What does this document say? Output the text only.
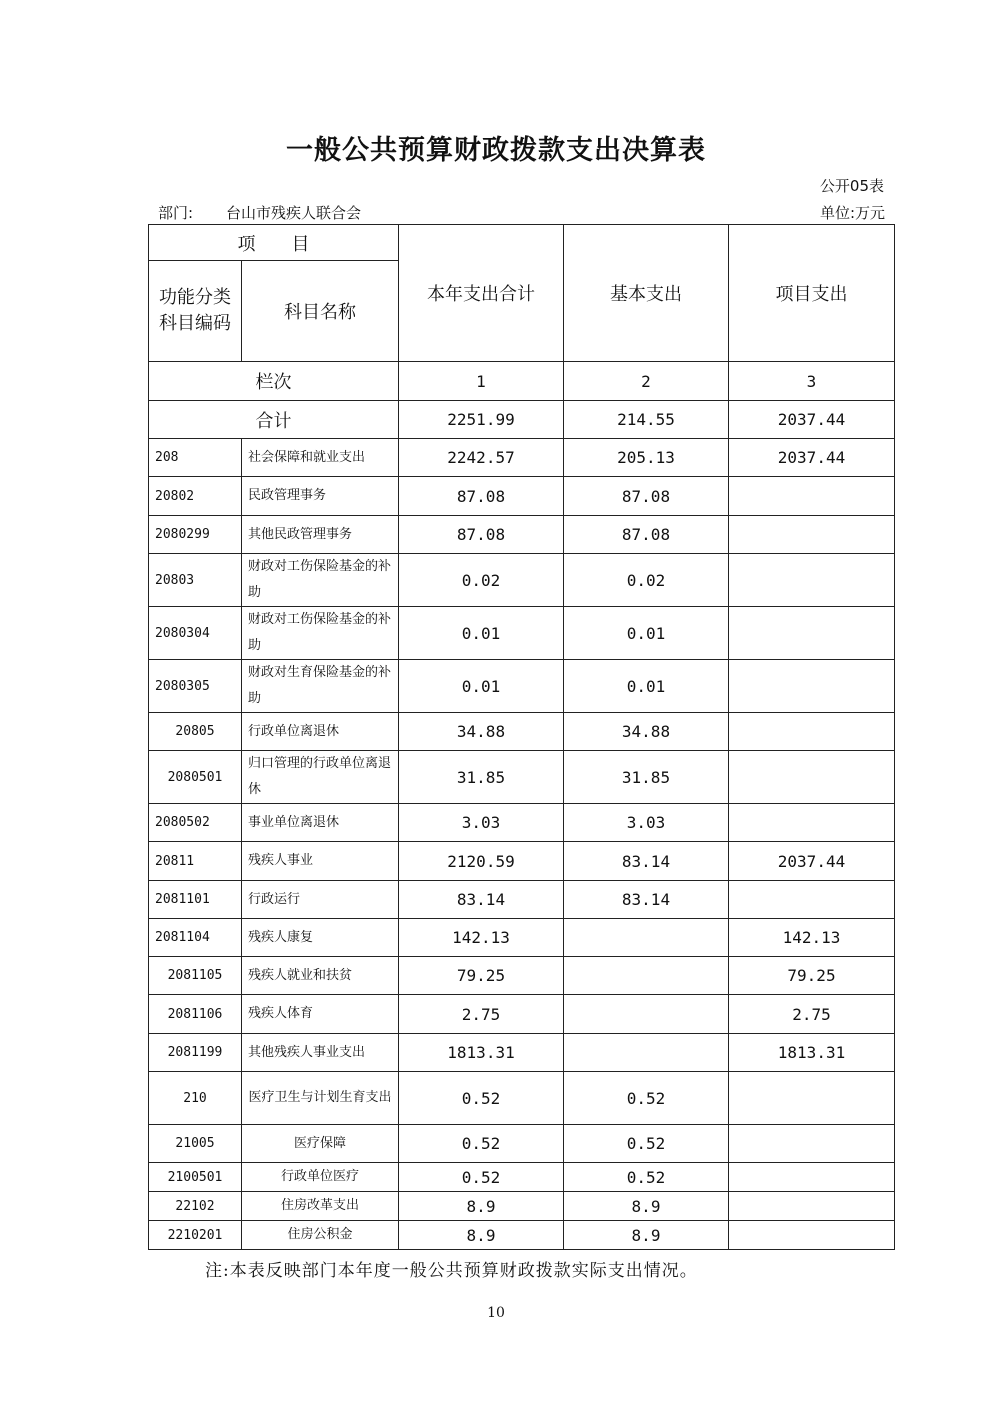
一般公共预算财政拨款支出决算表
公开05表
部门: 台山市残疾人联合会	单位:万元
项　　目		本年支出合计	基本支出	项目支出
功能分类科目编码	科目名称			
栏次		1	2	3
合计		2251.99	214.55	2037.44
208	社会保障和就业支出	2242.57	205.13	2037.44
20802	民政管理事务	87.08	87.08	
2080299	其他民政管理事务	87.08	87.08	
20803	财政对工伤保险基金的补助	0.02	0.02	
2080304	财政对工伤保险基金的补助	0.01	0.01	
2080305	财政对生育保险基金的补助	0.01	0.01	
20805	行政单位离退休	34.88	34.88	
2080501	归口管理的行政单位离退休	31.85	31.85	
2080502	事业单位离退休	3.03	3.03	
20811	残疾人事业	2120.59	83.14	2037.44
2081101	行政运行	83.14	83.14	
2081104	残疾人康复	142.13		142.13
2081105	残疾人就业和扶贫	79.25		79.25
2081106	残疾人体育	2.75		2.75
2081199	其他残疾人事业支出	1813.31		1813.31
210	医疗卫生与计划生育支出	0.52	0.52	
21005	医疗保障	0.52	0.52	
2100501	行政单位医疗	0.52	0.52	
22102	住房改革支出	8.9	8.9	
2210201	住房公积金	8.9	8.9	
注:本表反映部门本年度一般公共预算财政拨款实际支出情况。
10
